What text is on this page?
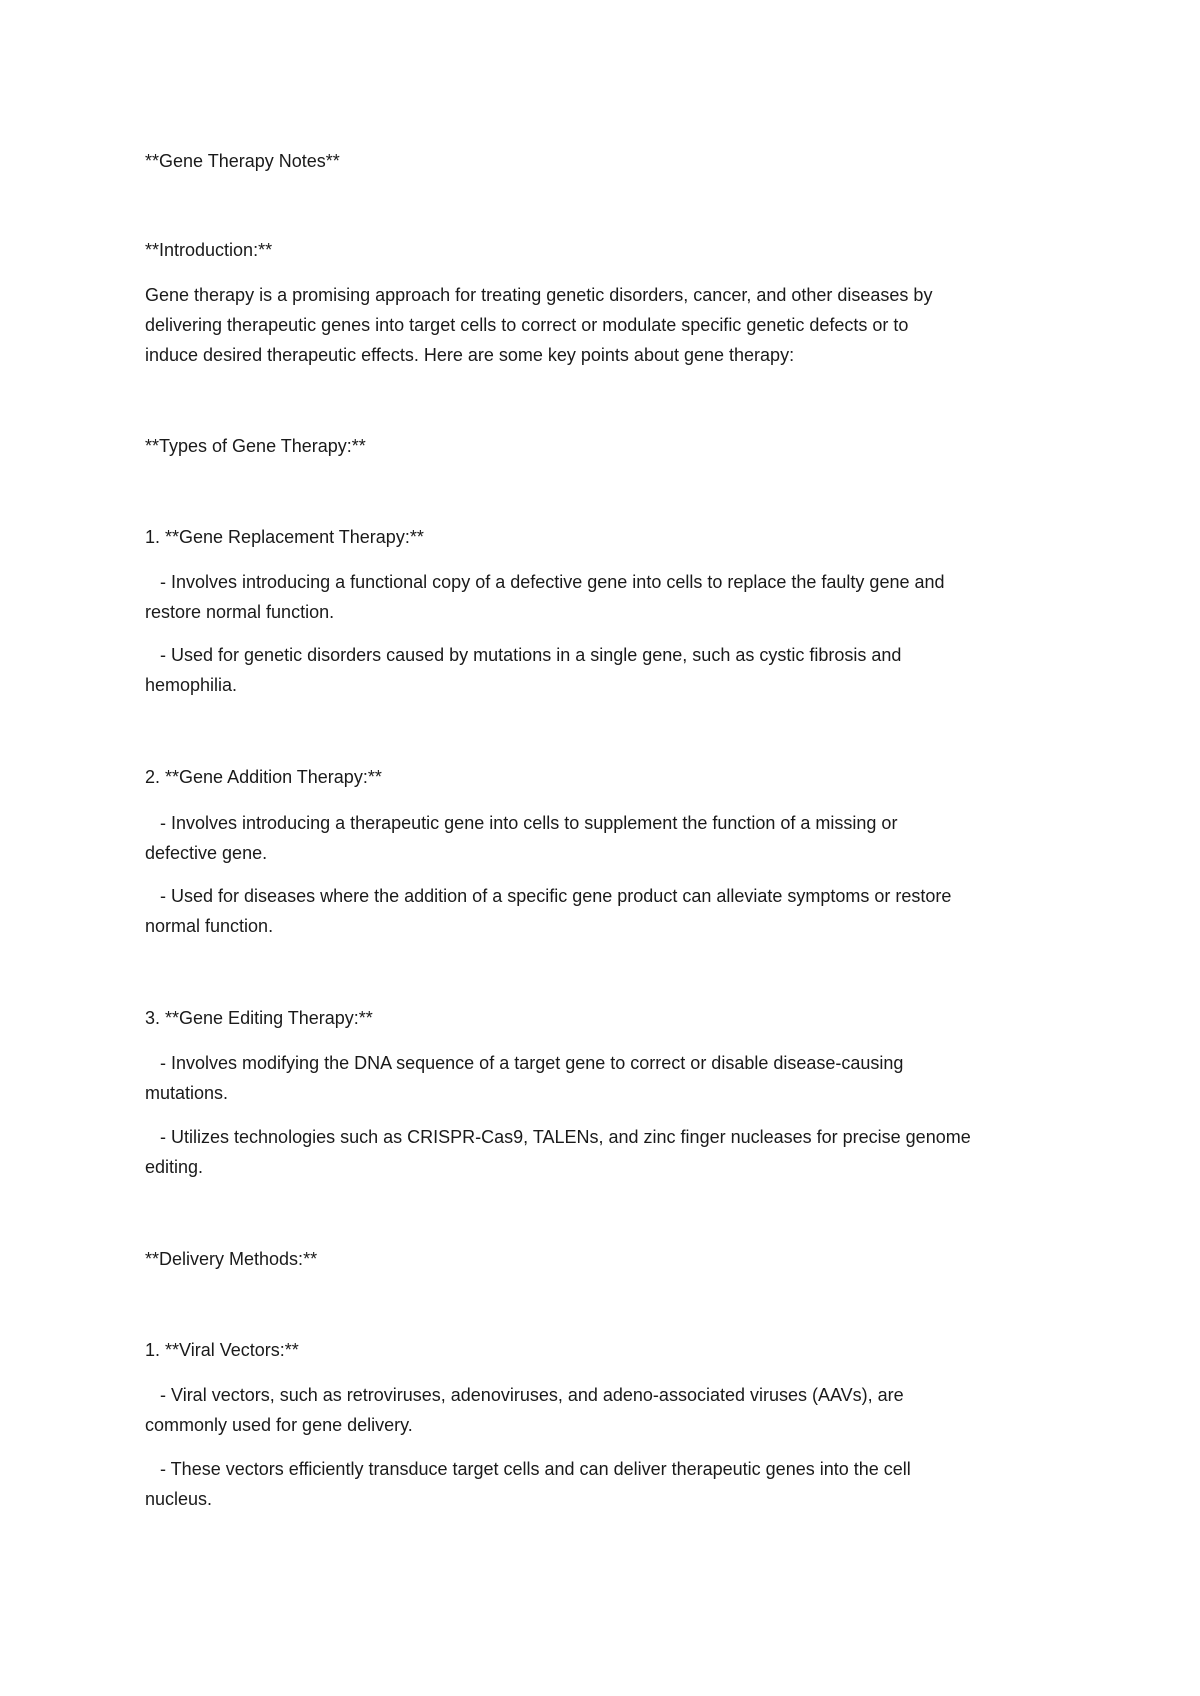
**Gene Therapy Notes**
**Introduction:**
Gene therapy is a promising approach for treating genetic disorders, cancer, and other diseases by
delivering therapeutic genes into target cells to correct or modulate specific genetic defects or to
induce desired therapeutic effects. Here are some key points about gene therapy:
**Types of Gene Therapy:**
1. **Gene Replacement Therapy:**
- Involves introducing a functional copy of a defective gene into cells to replace the faulty gene and
restore normal function.
- Used for genetic disorders caused by mutations in a single gene, such as cystic fibrosis and
hemophilia.
2. **Gene Addition Therapy:**
- Involves introducing a therapeutic gene into cells to supplement the function of a missing or
defective gene.
- Used for diseases where the addition of a specific gene product can alleviate symptoms or restore
normal function.
3. **Gene Editing Therapy:**
- Involves modifying the DNA sequence of a target gene to correct or disable disease-causing
mutations.
- Utilizes technologies such as CRISPR-Cas9, TALENs, and zinc finger nucleases for precise genome
editing.
**Delivery Methods:**
1. **Viral Vectors:**
- Viral vectors, such as retroviruses, adenoviruses, and adeno-associated viruses (AAVs), are
commonly used for gene delivery.
- These vectors efficiently transduce target cells and can deliver therapeutic genes into the cell
nucleus.
